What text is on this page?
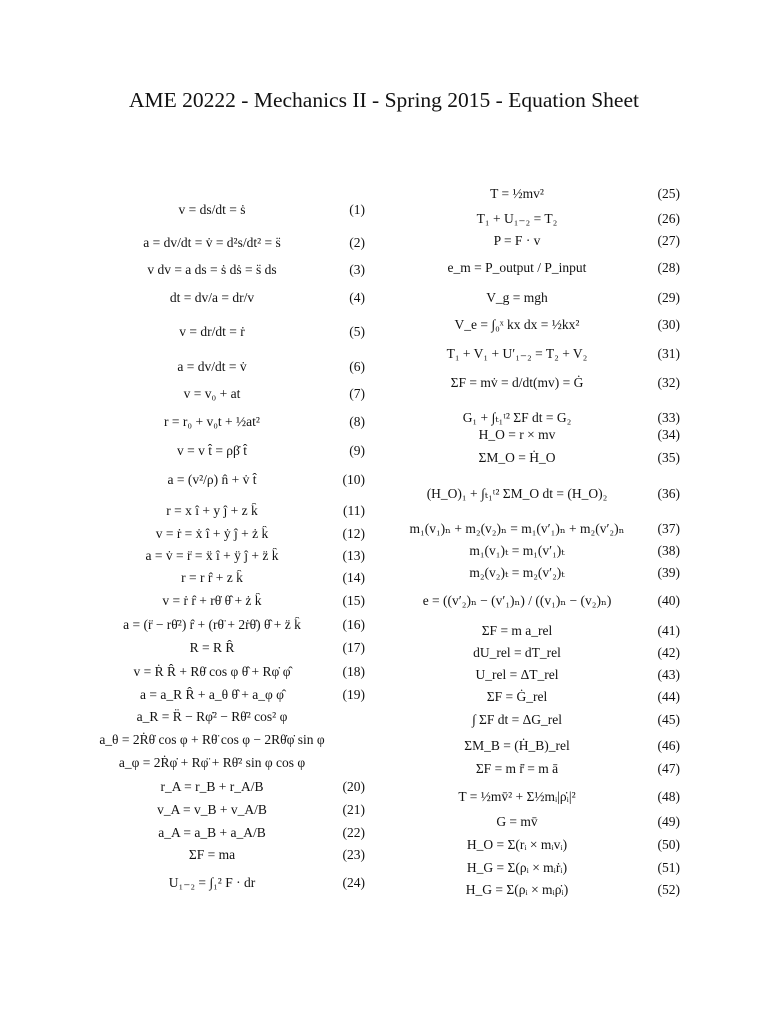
AME 20222 - Mechanics II - Spring 2015 - Equation Sheet
v = ds/dt = ṡ	(1)
a = dv/dt = v̇ = d²s/dt² = s̈	(2)
v dv = a ds = ṡ dṡ = s̈ ds	(3)
dt = dv/a = dr/v	(4)
v = dr/dt = ṙ	(5)
a = dv/dt = v̇	(6)
v = v₀ + at	(7)
r = r₀ + v₀t + ½at²	(8)
v = v t̂ = ρβ̇ t̂	(9)
a = (v²/ρ) n̂ + v̇ t̂	(10)
r = x î + y ĵ + z k̂	(11)
v = ṙ = ẋ î + ẏ ĵ + ż k̂	(12)
a = v̇ = r̈ = ẍ î + ÿ ĵ + z̈ k̂	(13)
r = r r̂ + z k̂	(14)
v = ṙ r̂ + rθ̇ θ̂ + ż k̂	(15)
a = (r̈ − rθ̇²) r̂ + (rθ̈ + 2ṙθ̇) θ̂ + z̈ k̂	(16)
R = R R̂	(17)
v = Ṙ R̂ + Rθ̇ cos φ θ̂ + Rφ̇ φ̂	(18)
a = a_R R̂ + a_θ θ̂ + a_φ φ̂	(19)
a_R = R̈ − Rφ̇² − Rθ̇² cos² φ
a_θ = 2Ṙθ̇ cos φ + Rθ̈ cos φ − 2Rθ̇φ̇ sin φ
a_φ = 2Ṙφ̇ + Rφ̈ + Rθ̇² sin φ cos φ
r_A = r_B + r_A/B	(20)
v_A = v_B + v_A/B	(21)
a_A = a_B + a_A/B	(22)
ΣF = ma	(23)
U₁₋₂ = ∫₁² F · dr	(24)
T = ½mv²	(25)
T₁ + U₁₋₂ = T₂	(26)
P = F · v	(27)
e_m = P_output / P_input	(28)
V_g = mgh	(29)
V_e = ∫₀ˣ kx dx = ½kx²	(30)
T₁ + V₁ + U′₁₋₂ = T₂ + V₂	(31)
ΣF = mv̇ = d/dt(mv) = Ġ	(32)
G₁ + ∫ₜ₁ᵗ² ΣF dt = G₂	(33)
H_O = r × mv	(34)
ΣM_O = Ḣ_O	(35)
(H_O)₁ + ∫ₜ₁ᵗ² ΣM_O dt = (H_O)₂	(36)
m₁(v₁)ₙ + m₂(v₂)ₙ = m₁(v′₁)ₙ + m₂(v′₂)ₙ	(37)
m₁(v₁)ₜ = m₁(v′₁)ₜ	(38)
m₂(v₂)ₜ = m₂(v′₂)ₜ	(39)
e = ((v′₂)ₙ − (v′₁)ₙ) / ((v₁)ₙ − (v₂)ₙ)	(40)
ΣF = m a_rel	(41)
dU_rel = dT_rel	(42)
U_rel = ΔT_rel	(43)
ΣF = Ġ_rel	(44)
∫ ΣF dt = ΔG_rel	(45)
ΣM_B = (Ḣ_B)_rel	(46)
ΣF = m r̈̄ = m ā	(47)
T = ½mv̄² + Σ½mᵢ|ρ̇ᵢ|²	(48)
G = mv̄	(49)
H_O = Σ(rᵢ × mᵢvᵢ)	(50)
H_G = Σ(ρᵢ × mᵢṙᵢ)	(51)
H_G = Σ(ρᵢ × mᵢρ̇ᵢ)	(52)
